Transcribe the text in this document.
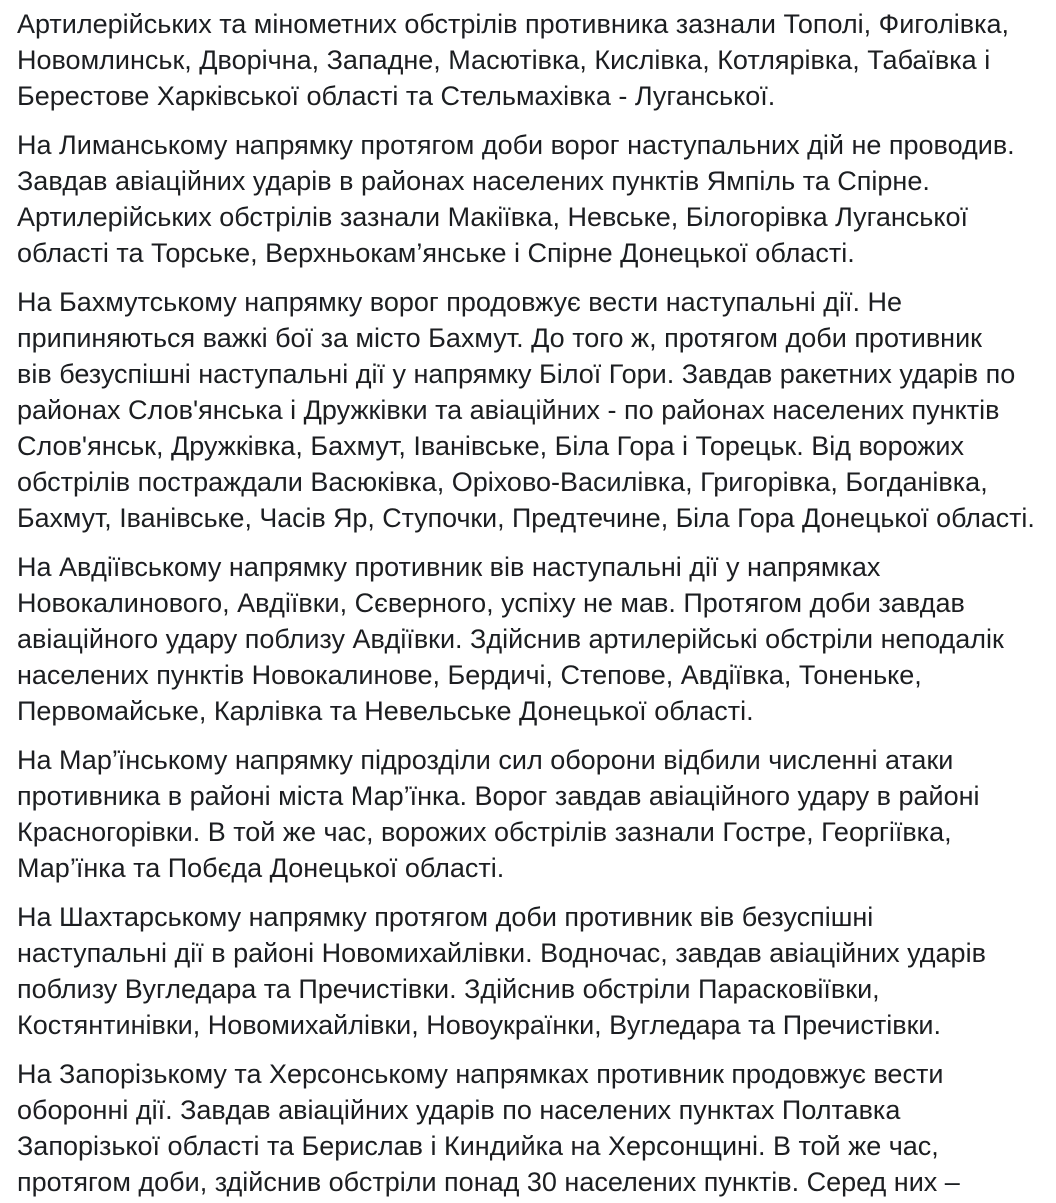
Артилерійських та мінометних обстрілів противника зазнали Тополі, Фиголівка,
Новомлинськ, Дворічна, Западне, Масютівка, Кислівка, Котлярівка, Табаївка і
Берестове Харківської області та Стельмахівка - Луганської.

На Лиманському напрямку протягом доби ворог наступальних дій не проводив.
Завдав авіаційних ударів в районах населених пунктів Ямпіль та Спірне.
Артилерійських обстрілів зазнали Макіївка, Невське, Білогорівка Луганської
області та Торське, Верхньокам’янське і Спірне Донецької області.

На Бахмутському напрямку ворог продовжує вести наступальні дії. Не
припиняються важкі бої за місто Бахмут. До того ж, протягом доби противник
вів безуспішні наступальні дії у напрямку Білої Гори. Завдав ракетних ударів по
районах Слов'янська і Дружківки та авіаційних - по районах населених пунктів
Слов'янськ, Дружківка, Бахмут, Іванівське, Біла Гора і Торецьк. Від ворожих
обстрілів постраждали Васюківка, Оріхово-Василівка, Григорівка, Богданівка,
Бахмут, Іванівське, Часів Яр, Ступочки, Предтечине, Біла Гора Донецької області.

На Авдіївському напрямку противник вів наступальні дії у напрямках
Новокалинового, Авдіївки, Сєверного, успіху не мав. Протягом доби завдав
авіаційного удару поблизу Авдіївки. Здійснив артилерійські обстріли неподалік
населених пунктів Новокалинове, Бердичі, Степове, Авдіївка, Тоненьке,
Первомайське, Карлівка та Невельське Донецької області.

На Мар’їнському напрямку підрозділи сил оборони відбили численні атаки
противника в районі міста Мар’їнка. Ворог завдав авіаційного удару в районі
Красногорівки. В той же час, ворожих обстрілів зазнали Гостре, Георгіївка,
Мар’їнка та Побєда Донецької області.

На Шахтарському напрямку протягом доби противник вів безуспішні
наступальні дії в районі Новомихайлівки. Водночас, завдав авіаційних ударів
поблизу Вугледара та Пречистівки. Здійснив обстріли Парасковіївки,
Костянтинівки, Новомихайлівки, Новоукраїнки, Вугледара та Пречистівки.

На Запорізькому та Херсонському напрямках противник продовжує вести
оборонні дії. Завдав авіаційних ударів по населених пунктах Полтавка
Запорізької області та Берислав і Киндийка на Херсонщині. В той же час,
протягом доби, здійснив обстріли понад 30 населених пунктів. Серед них –
